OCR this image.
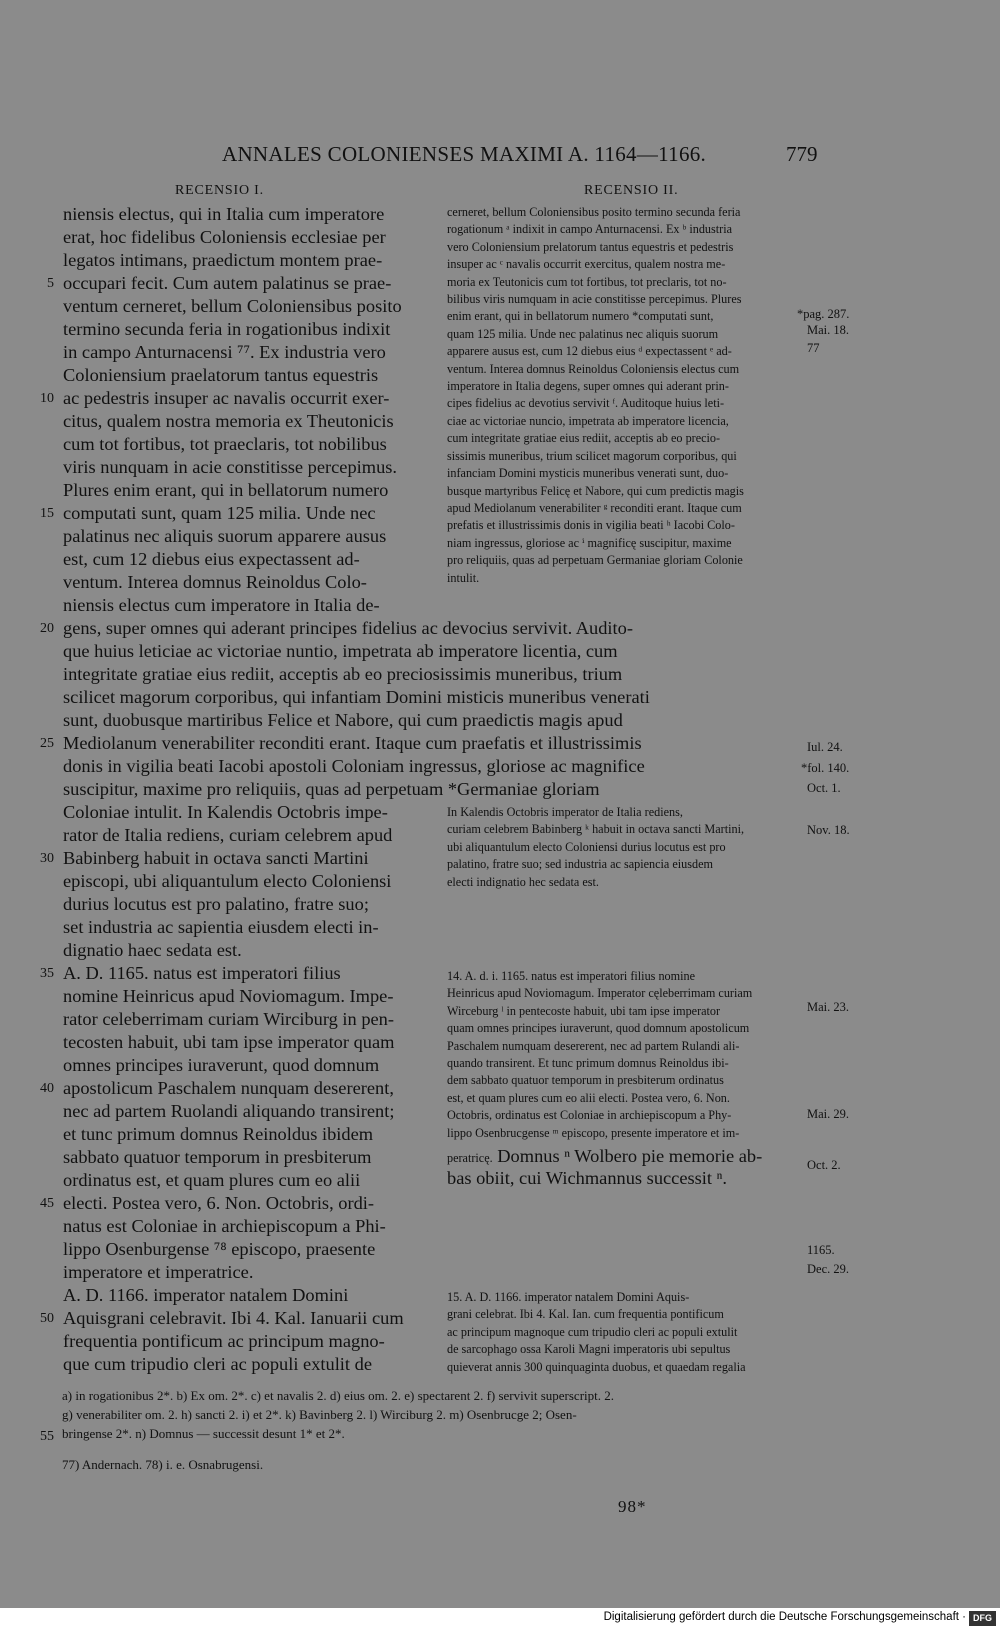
ANNALES COLONIENSES MAXIMI A. 1164—1166.	779
RECENSIO I.	RECENSIO II.
niensis electus, qui in Italia cum imperatore
erat, hoc fidelibus Coloniensis ecclesiae per
legatos intimans, praedictum montem prae-
occupari fecit. Cum autem palatinus se prae-
ventum cerneret, bellum Coloniensibus posito
termino secunda feria in rogationibus indixit
in campo Anturnacensi ⁷⁷. Ex industria vero
Coloniensium praelatorum tantus equestris
ac pedestris insuper ac navalis occurrit exer-
citus, qualem nostra memoria ex Theutonicis
cum tot fortibus, tot praeclaris, tot nobilibus
viris nunquam in acie constitisse percepimus.
Plures enim erant, qui in bellatorum numero
computati sunt, quam 125 milia. Unde nec
palatinus nec aliquis suorum apparere ausus
est, cum 12 diebus eius expectassent ad-
ventum. Interea domnus Reinoldus Colo-
niensis electus cum imperatore in Italia de-
gens, super omnes qui aderant principes fidelius ac devocius servivit. Audito-
que huius leticiae ac victoriae nuntio, impetrata ab imperatore licentia, cum
integritate gratiae eius rediit, acceptis ab eo preciosissimis muneribus, trium
scilicet magorum corporibus, qui infantiam Domini misticis muneribus venerati
sunt, duobusque martiribus Felice et Nabore, qui cum praedictis magis apud
Mediolanum venerabiliter reconditi erant. Itaque cum praefatis et illustrissimis
donis in vigilia beati Iacobi apostoli Coloniam ingressus, gloriose ac magnifice
suscipitur, maxime pro reliquiis, quas ad perpetuam *Germaniae gloriam
Coloniae intulit. In Kalendis Octobris impe-
rator de Italia rediens, curiam celebrem apud
Babinberg habuit in octava sancti Martini
episcopi, ubi aliquantulum electo Coloniensi
durius locutus est pro palatino, fratre suo;
set industria ac sapientia eiusdem electi in-
dignatio haec sedata est.
A. D. 1165. natus est imperatori filius
nomine Heinricus apud Noviomagum. Impe-
rator celeberrimam curiam Wirciburg in pen-
tecosten habuit, ubi tam ipse imperator quam
omnes principes iuraverunt, quod domnum
apostolicum Paschalem nunquam desererent,
nec ad partem Ruolandi aliquando transirent;
et tunc primum domnus Reinoldus ibidem
sabbato quatuor temporum in presbiterum
ordinatus est, et quam plures cum eo alii
electi. Postea vero, 6. Non. Octobris, ordi-
natus est Coloniae in archiepiscopum a Phi-
lippo Osenburgense ⁷⁸ episcopo, praesente
imperatore et imperatrice.
A. D. 1166. imperator natalem Domini
Aquisgrani celebravit. Ibi 4. Kal. Ianuarii cum
frequentia pontificum ac principum magno-
que cum tripudio cleri ac populi extulit de
cerneret, bellum Coloniensibus posito termino secunda feria
rogationum ᵃ indixit in campo Anturnacensi. Ex ᵇ industria
vero Coloniensium prelatorum tantus equestris et pedestris
insuper ac ᶜ navalis occurrit exercitus, qualem nostra me-
moria ex Teutonicis cum tot fortibus, tot preclaris, tot no-
bilibus viris numquam in acie constitisse percepimus. Plures
enim erant, qui in bellatorum numero *computati sunt,
quam 125 milia. Unde nec palatinus nec aliquis suorum
apparere ausus est, cum 12 diebus eius ᵈ expectassent ᵉ ad-
ventum. Interea domnus Reinoldus Coloniensis electus cum
imperatore in Italia degens, super omnes qui aderant prin-
cipes fidelius ac devotius servivit ᶠ. Auditoque huius leti-
ciae ac victoriae nuncio, impetrata ab imperatore licencia,
cum integritate gratiae eius rediit, acceptis ab eo precio-
sissimis muneribus, trium scilicet magorum corporibus, qui
infanciam Domini mysticis muneribus venerati sunt, duo-
busque martyribus Felicę et Nabore, qui cum predictis magis
apud Mediolanum venerabiliter ᵍ reconditi erant. Itaque cum
prefatis et illustrissimis donis in vigilia beati ʰ Iacobi Colo-
niam ingressus, gloriose ac ⁱ magnificę suscipitur, maxime
pro reliquiis, quas ad perpetuam Germaniae gloriam Colonie
intulit.
In Kalendis Octobris imperator de Italia rediens,
curiam celebrem Babinberg ᵏ habuit in octava sancti Martini,
ubi aliquantulum electo Coloniensi durius locutus est pro
palatino, fratre suo; sed industria ac sapiencia eiusdem
electi indignatio hec sedata est.
14. A. d. i. 1165. natus est imperatori filius nomine
Heinricus apud Noviomagum. Imperator cęleberrimam curiam
Wirceburg ˡ in pentecoste habuit, ubi tam ipse imperator
quam omnes principes iuraverunt, quod domnum apostolicum
Paschalem numquam desererent, nec ad partem Rulandi ali-
quando transirent. Et tunc primum domnus Reinoldus ibi-
dem sabbato quatuor temporum in presbiterum ordinatus
est, et quam plures cum eo alii electi. Postea vero, 6. Non.
Octobris, ordinatus est Coloniae in archiepiscopum a Phy-
lippo Osenbrucgense ᵐ episcopo, presente imperatore et im-
peratricę. Domnus ⁿ Wolbero pie memorie ab-
bas obiit, cui Wichmannus successit ⁿ.
15. A. D. 1166. imperator natalem Domini Aquis-
grani celebrat. Ibi 4. Kal. Ian. cum frequentia pontificum
ac principum magnoque cum tripudio cleri ac populi extulit
de sarcophago ossa Karoli Magni imperatoris ubi sepultus
quieverat annis 300 quinquaginta duobus, et quaedam regalia
*pag. 287.
Mai. 18.
77
Iul. 24.
*fol. 140.
Oct. 1.
Nov. 18.
Mai. 23.
Mai. 29.
Oct. 2.
1165.
Dec. 29.
5
10
15
20
25
30
35
40
45
50
55
a) in rogationibus 2*. b) Ex om. 2*. c) et navalis 2. d) eius om. 2. e) spectarent 2. f) servivit superscript. 2.
g) venerabiliter om. 2. h) sancti 2. i) et 2*. k) Bavinberg 2. l) Wirciburg 2. m) Osenbrucge 2; Osen-
bringense 2*. n) Domnus — successit desunt 1* et 2*.
77) Andernach. 78) i. e. Osnabrugensi.
98*
Digitalisierung gefördert durch die Deutsche Forschungsgemeinschaft · DFG
